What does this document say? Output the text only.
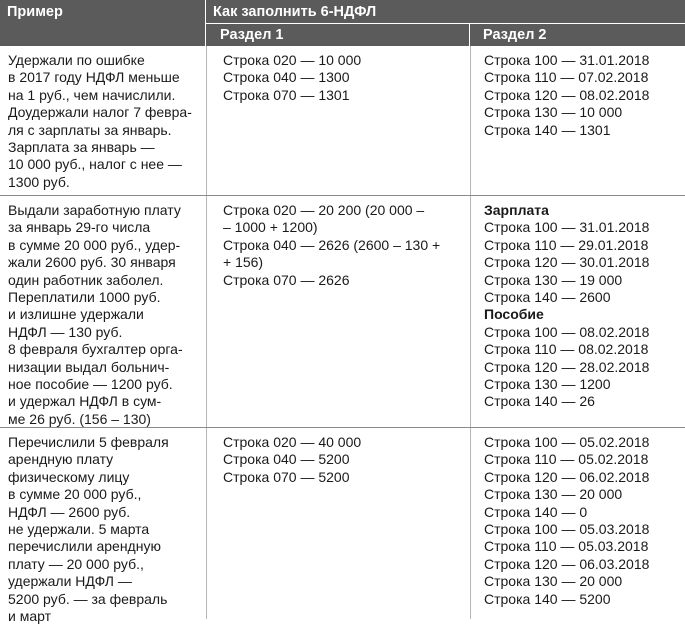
Пример	Как заполнить 6-НДФЛ
Раздел 1	Раздел 2
Удержали по ошибке
в 2017 году НДФЛ меньше
на 1 руб., чем начислили.
Доудержали налог 7 февра-
ля с зарплаты за январь.
Зарплата за январь —
10 000 руб., налог с нее —
1300 руб.
Строка 020 — 10 000
Строка 040 — 1300
Строка 070 — 1301
Строка 100 — 31.01.2018
Строка 110 — 07.02.2018
Строка 120 — 08.02.2018
Строка 130 — 10 000
Строка 140 — 1301
Выдали заработную плату
за январь 29-го числа
в сумме 20 000 руб., удер-
жали 2600 руб. 30 января
один работник заболел.
Переплатили 1000 руб.
и излишне удержали
НДФЛ — 130 руб.
8 февраля бухгалтер орга-
низации выдал больнич-
ное пособие — 1200 руб.
и удержал НДФЛ в сум-
ме 26 руб. (156 – 130)
Строка 020 — 20 200 (20 000 –
– 1000 + 1200)
Строка 040 — 2626 (2600 – 130 +
+ 156)
Строка 070 — 2626
Зарплата
Строка 100 — 31.01.2018
Строка 110 — 29.01.2018
Строка 120 — 30.01.2018
Строка 130 — 19 000
Строка 140 — 2600
Пособие
Строка 100 — 08.02.2018
Строка 110 — 08.02.2018
Строка 120 — 28.02.2018
Строка 130 — 1200
Строка 140 — 26
Перечислили 5 февраля
арендную плату
физическому лицу
в сумме 20 000 руб.,
НДФЛ — 2600 руб.
не удержали. 5 марта
перечислили арендную
плату — 20 000 руб.,
удержали НДФЛ —
5200 руб. — за февраль
и март
Строка 020 — 40 000
Строка 040 — 5200
Строка 070 — 5200
Строка 100 — 05.02.2018
Строка 110 — 05.02.2018
Строка 120 — 06.02.2018
Строка 130 — 20 000
Строка 140 — 0
Строка 100 — 05.03.2018
Строка 110 — 05.03.2018
Строка 120 — 06.03.2018
Строка 130 — 20 000
Строка 140 — 5200
